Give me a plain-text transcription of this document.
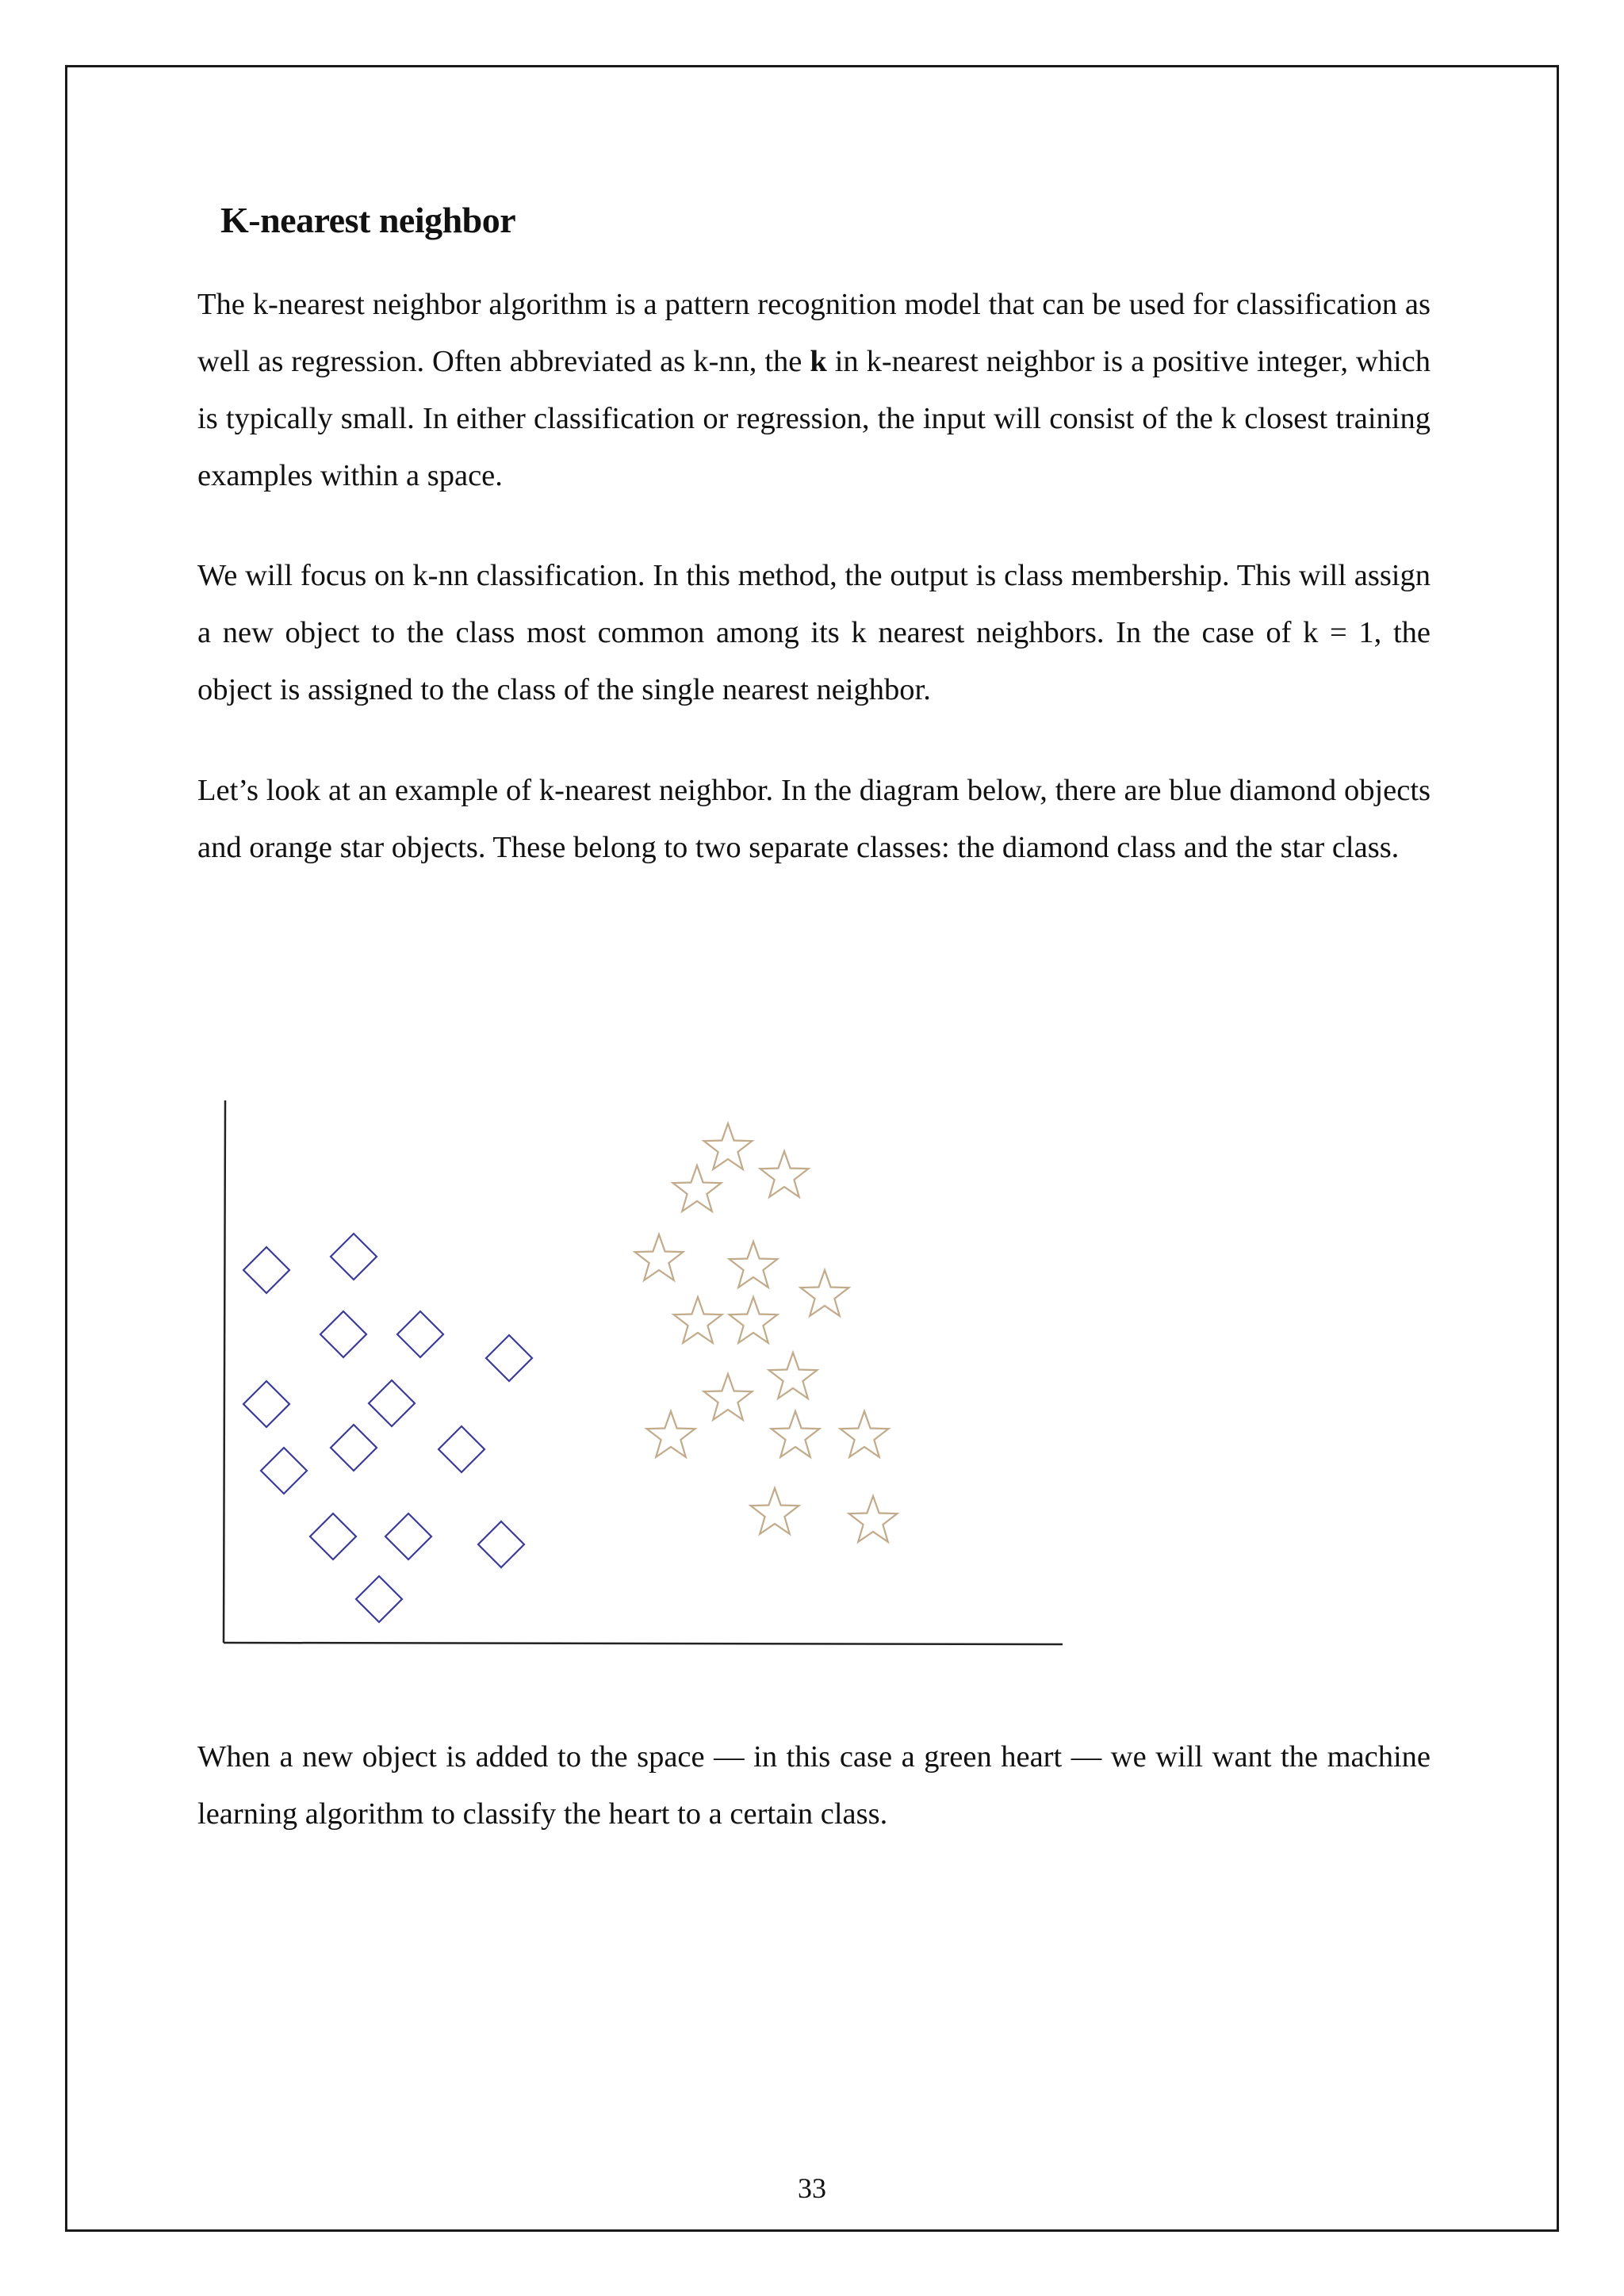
K-nearest neighbor

The k-nearest neighbor algorithm is a pattern recognition model that can be used for classification as well as regression. Often abbreviated as k-nn, the k in k-nearest neighbor is a positive integer, which is typically small. In either classification or regression, the input will consist of the k closest training examples within a space.

We will focus on k-nn classification. In this method, the output is class membership. This will assign a new object to the class most common among its k nearest neighbors. In the case of k = 1, the object is assigned to the class of the single nearest neighbor.

Let’s look at an example of k-nearest neighbor. In the diagram below, there are blue diamond objects and orange star objects. These belong to two separate classes: the diamond class and the star class.

When a new object is added to the space — in this case a green heart — we will want the machine learning algorithm to classify the heart to a certain class.

33
